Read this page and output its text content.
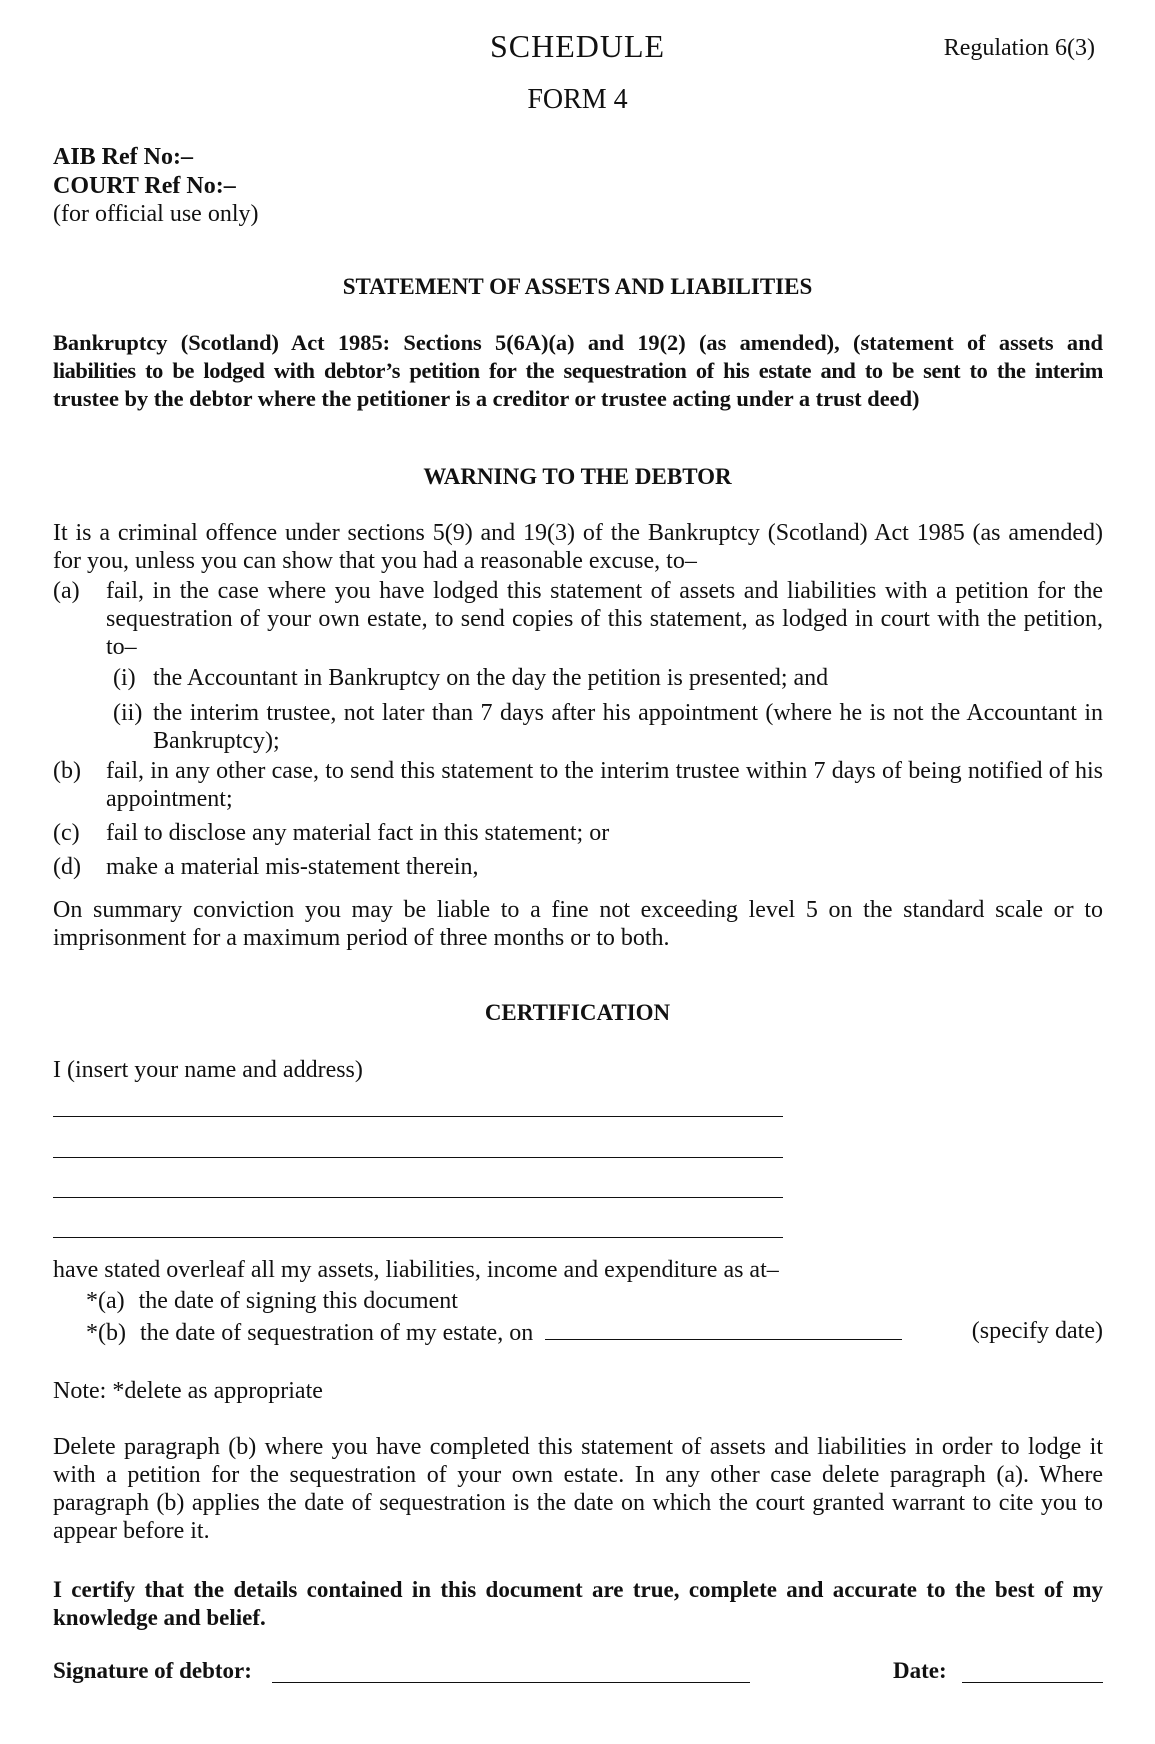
SCHEDULE
FORM 4
Regulation 6(3)
AIB Ref No:–
COURT Ref No:–
(for official use only)
STATEMENT OF ASSETS AND LIABILITIES
Bankruptcy (Scotland) Act 1985: Sections 5(6A)(a) and 19(2) (as amended), (statement of assets and
liabilities to be lodged with debtor’s petition for the sequestration of his estate and to be sent to the interim
trustee by the debtor where the petitioner is a creditor or trustee acting under a trust deed)
WARNING TO THE DEBTOR
It is a criminal offence under sections 5(9) and 19(3) of the Bankruptcy (Scotland) Act 1985 (as amended) for you, unless you can show that you had a reasonable excuse, to–
(a) fail, in the case where you have lodged this statement of assets and liabilities with a petition for the sequestration of your own estate, to send copies of this statement, as lodged in court with the petition, to–
(i) the Accountant in Bankruptcy on the day the petition is presented; and
(ii) the interim trustee, not later than 7 days after his appointment (where he is not the Accountant in Bankruptcy);
(b) fail, in any other case, to send this statement to the interim trustee within 7 days of being notified of his appointment;
(c) fail to disclose any material fact in this statement; or
(d) make a material mis-statement therein,
On summary conviction you may be liable to a fine not exceeding level 5 on the standard scale or to imprisonment for a maximum period of three months or to both.
CERTIFICATION
I (insert your name and address)
have stated overleaf all my assets, liabilities, income and expenditure as at–
*(a) the date of signing this document
*(b) the date of sequestration of my estate, on	(specify date)
Note: *delete as appropriate
Delete paragraph (b) where you have completed this statement of assets and liabilities in order to lodge it with a petition for the sequestration of your own estate. In any other case delete paragraph (a). Where paragraph (b) applies the date of sequestration is the date on which the court granted warrant to cite you to appear before it.
I certify that the details contained in this document are true, complete and accurate to the best of my knowledge and belief.
Signature of debtor:	Date:
